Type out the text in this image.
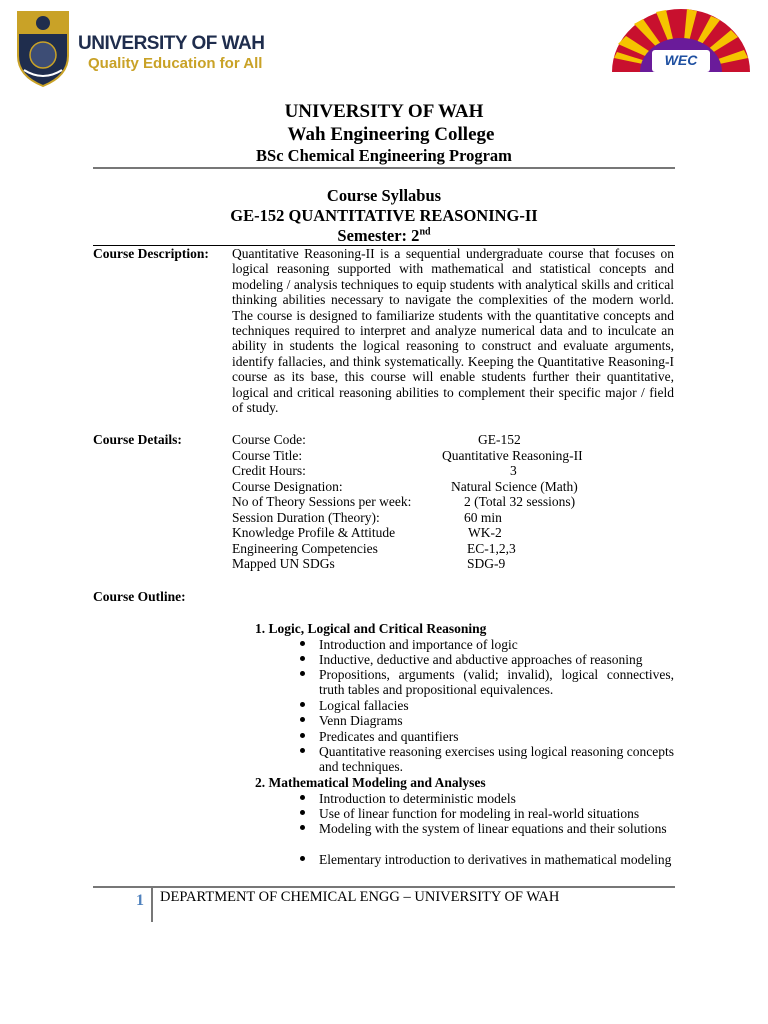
UNIVERSITY OF WAH
Quality Education for All	WEC
UNIVERSITY OF WAH
Wah Engineering College
BSc Chemical Engineering Program
Course Syllabus
GE-152 QUANTITATIVE REASONING-II
Semester: 2nd
Course Description: Quantitative Reasoning-II is a sequential undergraduate course that focuses on logical reasoning supported with mathematical and statistical concepts and modeling / analysis techniques to equip students with analytical skills and critical thinking abilities necessary to navigate the complexities of the modern world. The course is designed to familiarize students with the quantitative concepts and techniques required to interpret and analyze numerical data and to inculcate an ability in students the logical reasoning to construct and evaluate arguments, identify fallacies, and think systematically. Keeping the Quantitative Reasoning-I course as its base, this course will enable students further their quantitative, logical and critical reasoning abilities to complement their specific major / field of study.
Course Details:	Course Code:	GE-152
Course Title:	Quantitative Reasoning-II
Credit Hours:	3
Course Designation:	Natural Science (Math)
No of Theory Sessions per week:	2 (Total 32 sessions)
Session Duration (Theory):	60 min
Knowledge Profile & Attitude	WK-2
Engineering Competencies	EC-1,2,3
Mapped UN SDGs	SDG-9
Course Outline:
1. Logic, Logical and Critical Reasoning
Introduction and importance of logic
Inductive, deductive and abductive approaches of reasoning
Propositions, arguments (valid; invalid), logical connectives, truth tables and propositional equivalences.
Logical fallacies
Venn Diagrams
Predicates and quantifiers
Quantitative reasoning exercises using logical reasoning concepts and techniques.
2. Mathematical Modeling and Analyses
Introduction to deterministic models
Use of linear function for modeling in real-world situations
Modeling with the system of linear equations and their solutions
Elementary introduction to derivatives in mathematical modeling
1 DEPARTMENT OF CHEMICAL ENGG – UNIVERSITY OF WAH
